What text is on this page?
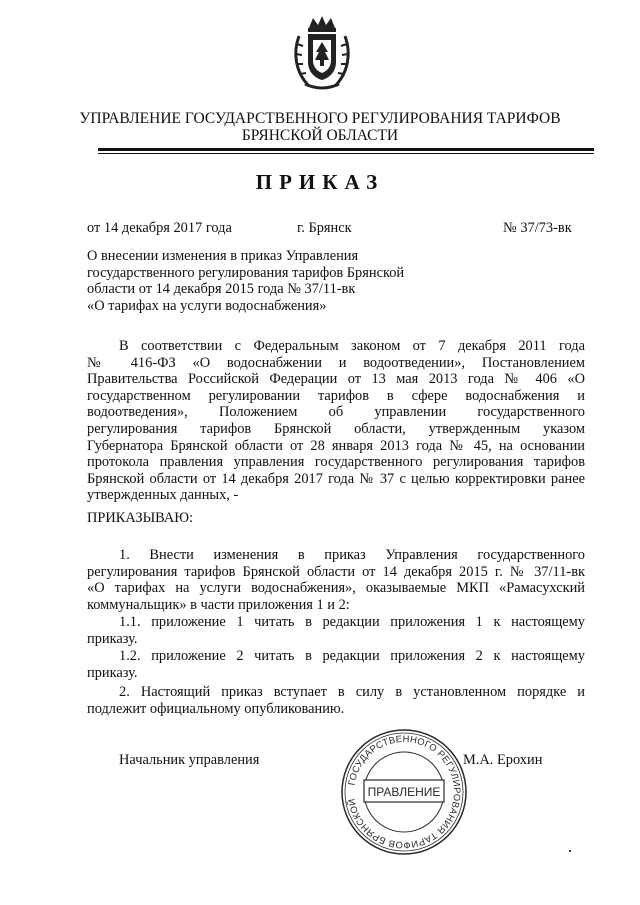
УПРАВЛЕНИЕ ГОСУДАРСТВЕННОГО РЕГУЛИРОВАНИЯ ТАРИФОВ
БРЯНСКОЙ ОБЛАСТИ
ПРИКАЗ
от 14 декабря 2017 года	г. Брянск	№ 37/73-вк
О внесении изменения в приказ Управления
государственного регулирования тарифов Брянской
области от 14 декабря 2015 года № 37/11-вк
«О тарифах на услуги водоснабжения»
В соответствии с Федеральным законом от 7 декабря 2011 года
№ 416-ФЗ «О водоснабжении и водоотведении», Постановлением
Правительства Российской Федерации от 13 мая 2013 года № 406 «О
государственном регулировании тарифов в сфере водоснабжения и
водоотведения», Положением об управлении государственного
регулирования тарифов Брянской области, утвержденным указом
Губернатора Брянской области от 28 января 2013 года № 45, на основании
протокола правления управления государственного регулирования тарифов
Брянской области от 14 декабря 2017 года № 37 с целью корректировки ранее
утвержденных данных, -
ПРИКАЗЫВАЮ:
1. Внести изменения в приказ Управления государственного
регулирования тарифов Брянской области от 14 декабря 2015 г. № 37/11-вк
«О тарифах на услуги водоснабжения», оказываемые МКП «Рамасухский
коммунальщик» в части приложения 1 и 2:
1.1. приложение 1 читать в редакции приложения 1 к настоящему
приказу.
1.2. приложение 2 читать в редакции приложения 2 к настоящему
приказу.
2. Настоящий приказ вступает в силу в установленном порядке и
подлежит официальному опубликованию.
Начальник управления	М.А. Ерохин
ГОСУДАРСТВЕННОГО РЕГУЛИРОВАНИЯ ТАРИФОВ БРЯНСКОЙ
ПРАВЛЕНИЕ
